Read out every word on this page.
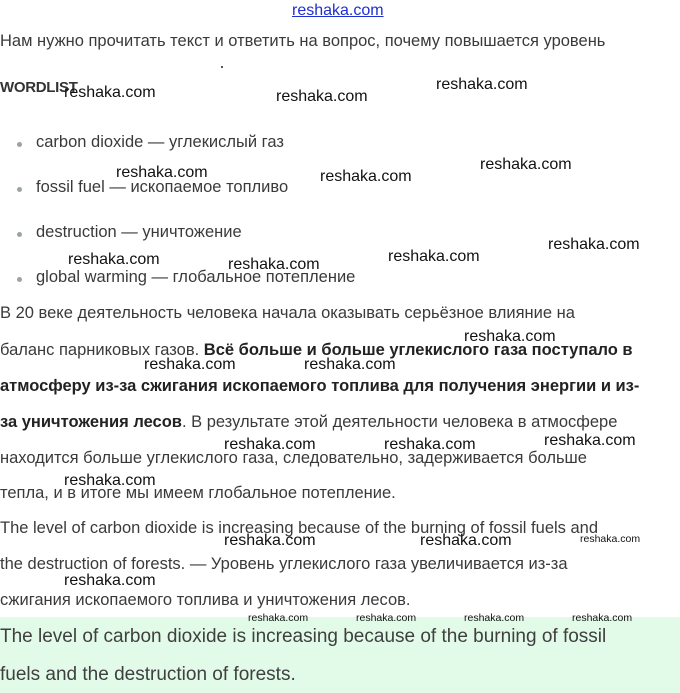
reshaka.com
Нам нужно прочитать текст и ответить на вопрос, почему повышается уровень
WORDLIST
carbon dioxide — углекислый газ
fossil fuel — ископаемое топливо
destruction — уничтожение
global warming — глобальное потепление
В 20 веке деятельность человека начала оказывать серьёзное влияние на
баланс парниковых газов. Всё больше и больше углекислого газа поступало в
атмосферу из-за сжигания ископаемого топлива для получения энергии и из-
за уничтожения лесов. В результате этой деятельности человека в атмосфере
находится больше углекислого газа, следовательно, задерживается больше
тепла, и в итоге мы имеем глобальное потепление.
The level of carbon dioxide is increasing because of the burning of fossil fuels and
the destruction of forests. — Уровень углекислого газа увеличивается из-за
сжигания ископаемого топлива и уничтожения лесов.
The level of carbon dioxide is increasing because of the burning of fossil
fuels and the destruction of forests.
reshaka.com	reshaka.com
reshaka.com
reshaka.com	reshaka.com
reshaka.com
reshaka.com
reshaka.com	reshaka.com
reshaka.com
reshaka.com
reshaka.com	reshaka.com
reshaka.com	reshaka.com	reshaka.com
reshaka.com
reshaka.com	reshaka.com	reshaka.com
reshaka.com
reshaka.com	reshaka.com	reshaka.com	reshaka.com
